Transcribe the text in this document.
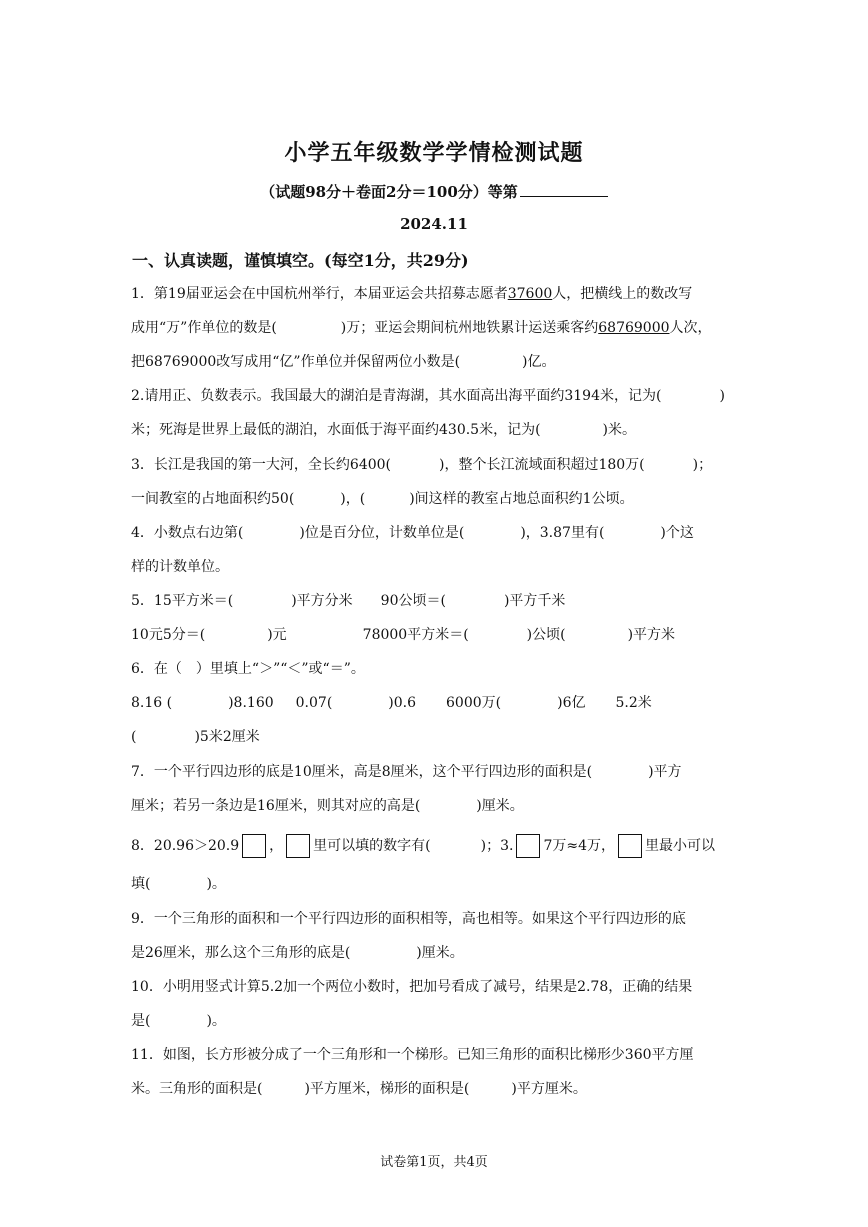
小学五年级数学学情检测试题
（试题98分＋卷面2分＝100分）等第
2024.11
一、认真读题，谨慎填空。(每空1分，共29分)
1．第19届亚运会在中国杭州举行，本届亚运会共招募志愿者37600人，把横线上的数改写
成用“万”作单位的数是(	)万；亚运会期间杭州地铁累计运送乘客约68769000人次，
把68769000改写成用“亿”作单位并保留两位小数是(	)亿。
2.请用正、负数表示。我国最大的湖泊是青海湖，其水面高出海平面约3194米，记为(	)
米；死海是世界上最低的湖泊，水面低于海平面约430.5米，记为(	)米。
3．长江是我国的第一大河，全长约6400(	)，整个长江流域面积超过180万(	)；
一间教室的占地面积约50(	)，(	)间这样的教室占地总面积约1公顷。
4．小数点右边第(	)位是百分位，计数单位是(	)，3.87里有(	)个这
样的计数单位。
5．15平方米＝(	)平方分米 90公顷＝(	)平方千米
10元5分＝(	)元	78000平方米＝(	)公顷(	)平方米
6．在（　）里填上“＞”“＜”或“＝”。
8.16 (	)8.160 0.07(	)0.6 6000万(	)6亿 5.2米
(	)5米2厘米
7．一个平行四边形的底是10厘米，高是8厘米，这个平行四边形的面积是(	)平方
厘米；若另一条边是16厘米，则其对应的高是(	)厘米。
8．20.96＞20.9 ， 里可以填的数字有(	)；3. 7万≈4万， 里最小可以
填(	)。
9．一个三角形的面积和一个平行四边形的面积相等，高也相等。如果这个平行四边形的底
是26厘米，那么这个三角形的底是(	)厘米。
10．小明用竖式计算5.2加一个两位小数时，把加号看成了减号，结果是2.78，正确的结果
是(	)。
11．如图，长方形被分成了一个三角形和一个梯形。已知三角形的面积比梯形少360平方厘
米。三角形的面积是(	)平方厘米，梯形的面积是(	)平方厘米。
试卷第1页，共4页
